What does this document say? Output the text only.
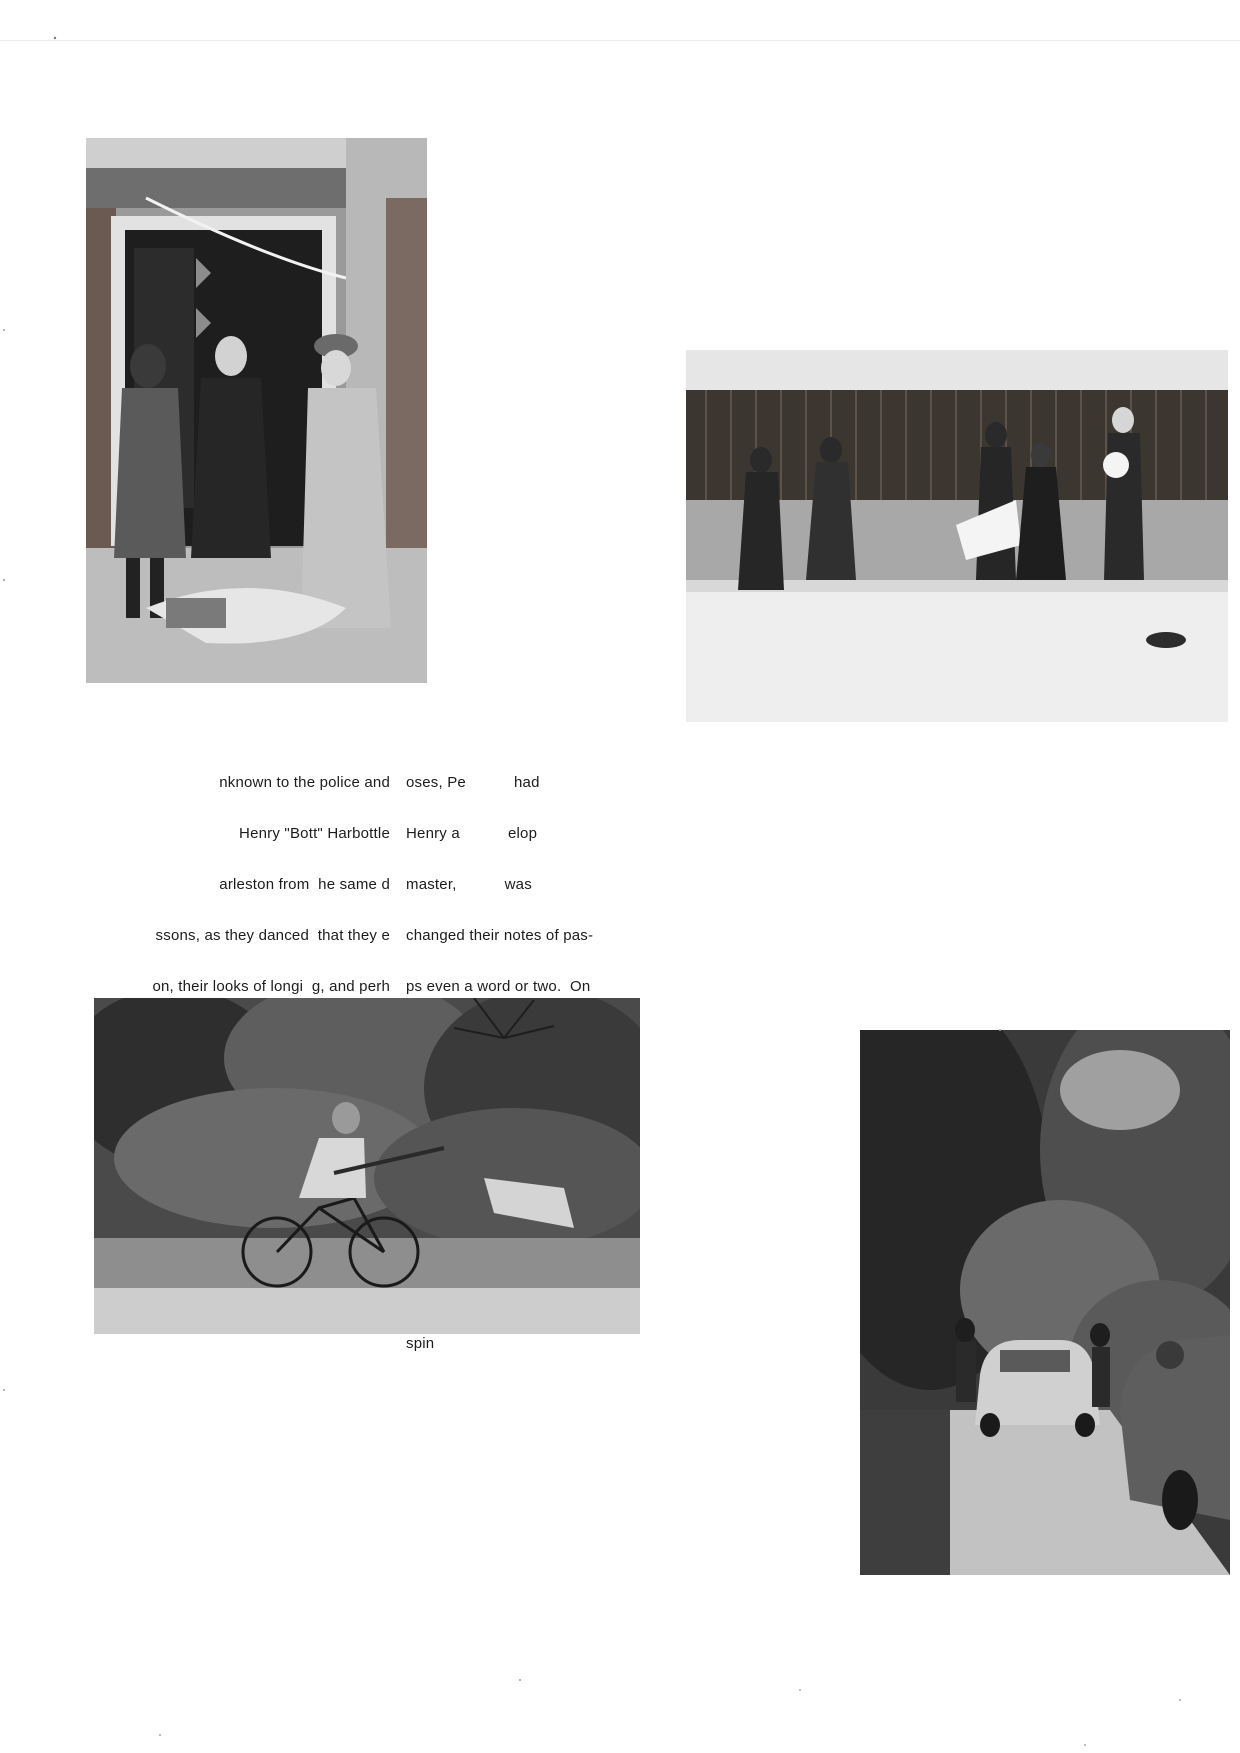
nknown to the police and

Henry "Bott" Harbottle

arleston from  he same d

ssons, as they danced  that they e

on, their looks of longi  g, and perh

oses, Pe           had

Henry a           elop

master,           was

changed their notes of pas-

ps even a word or two.  On

spin
